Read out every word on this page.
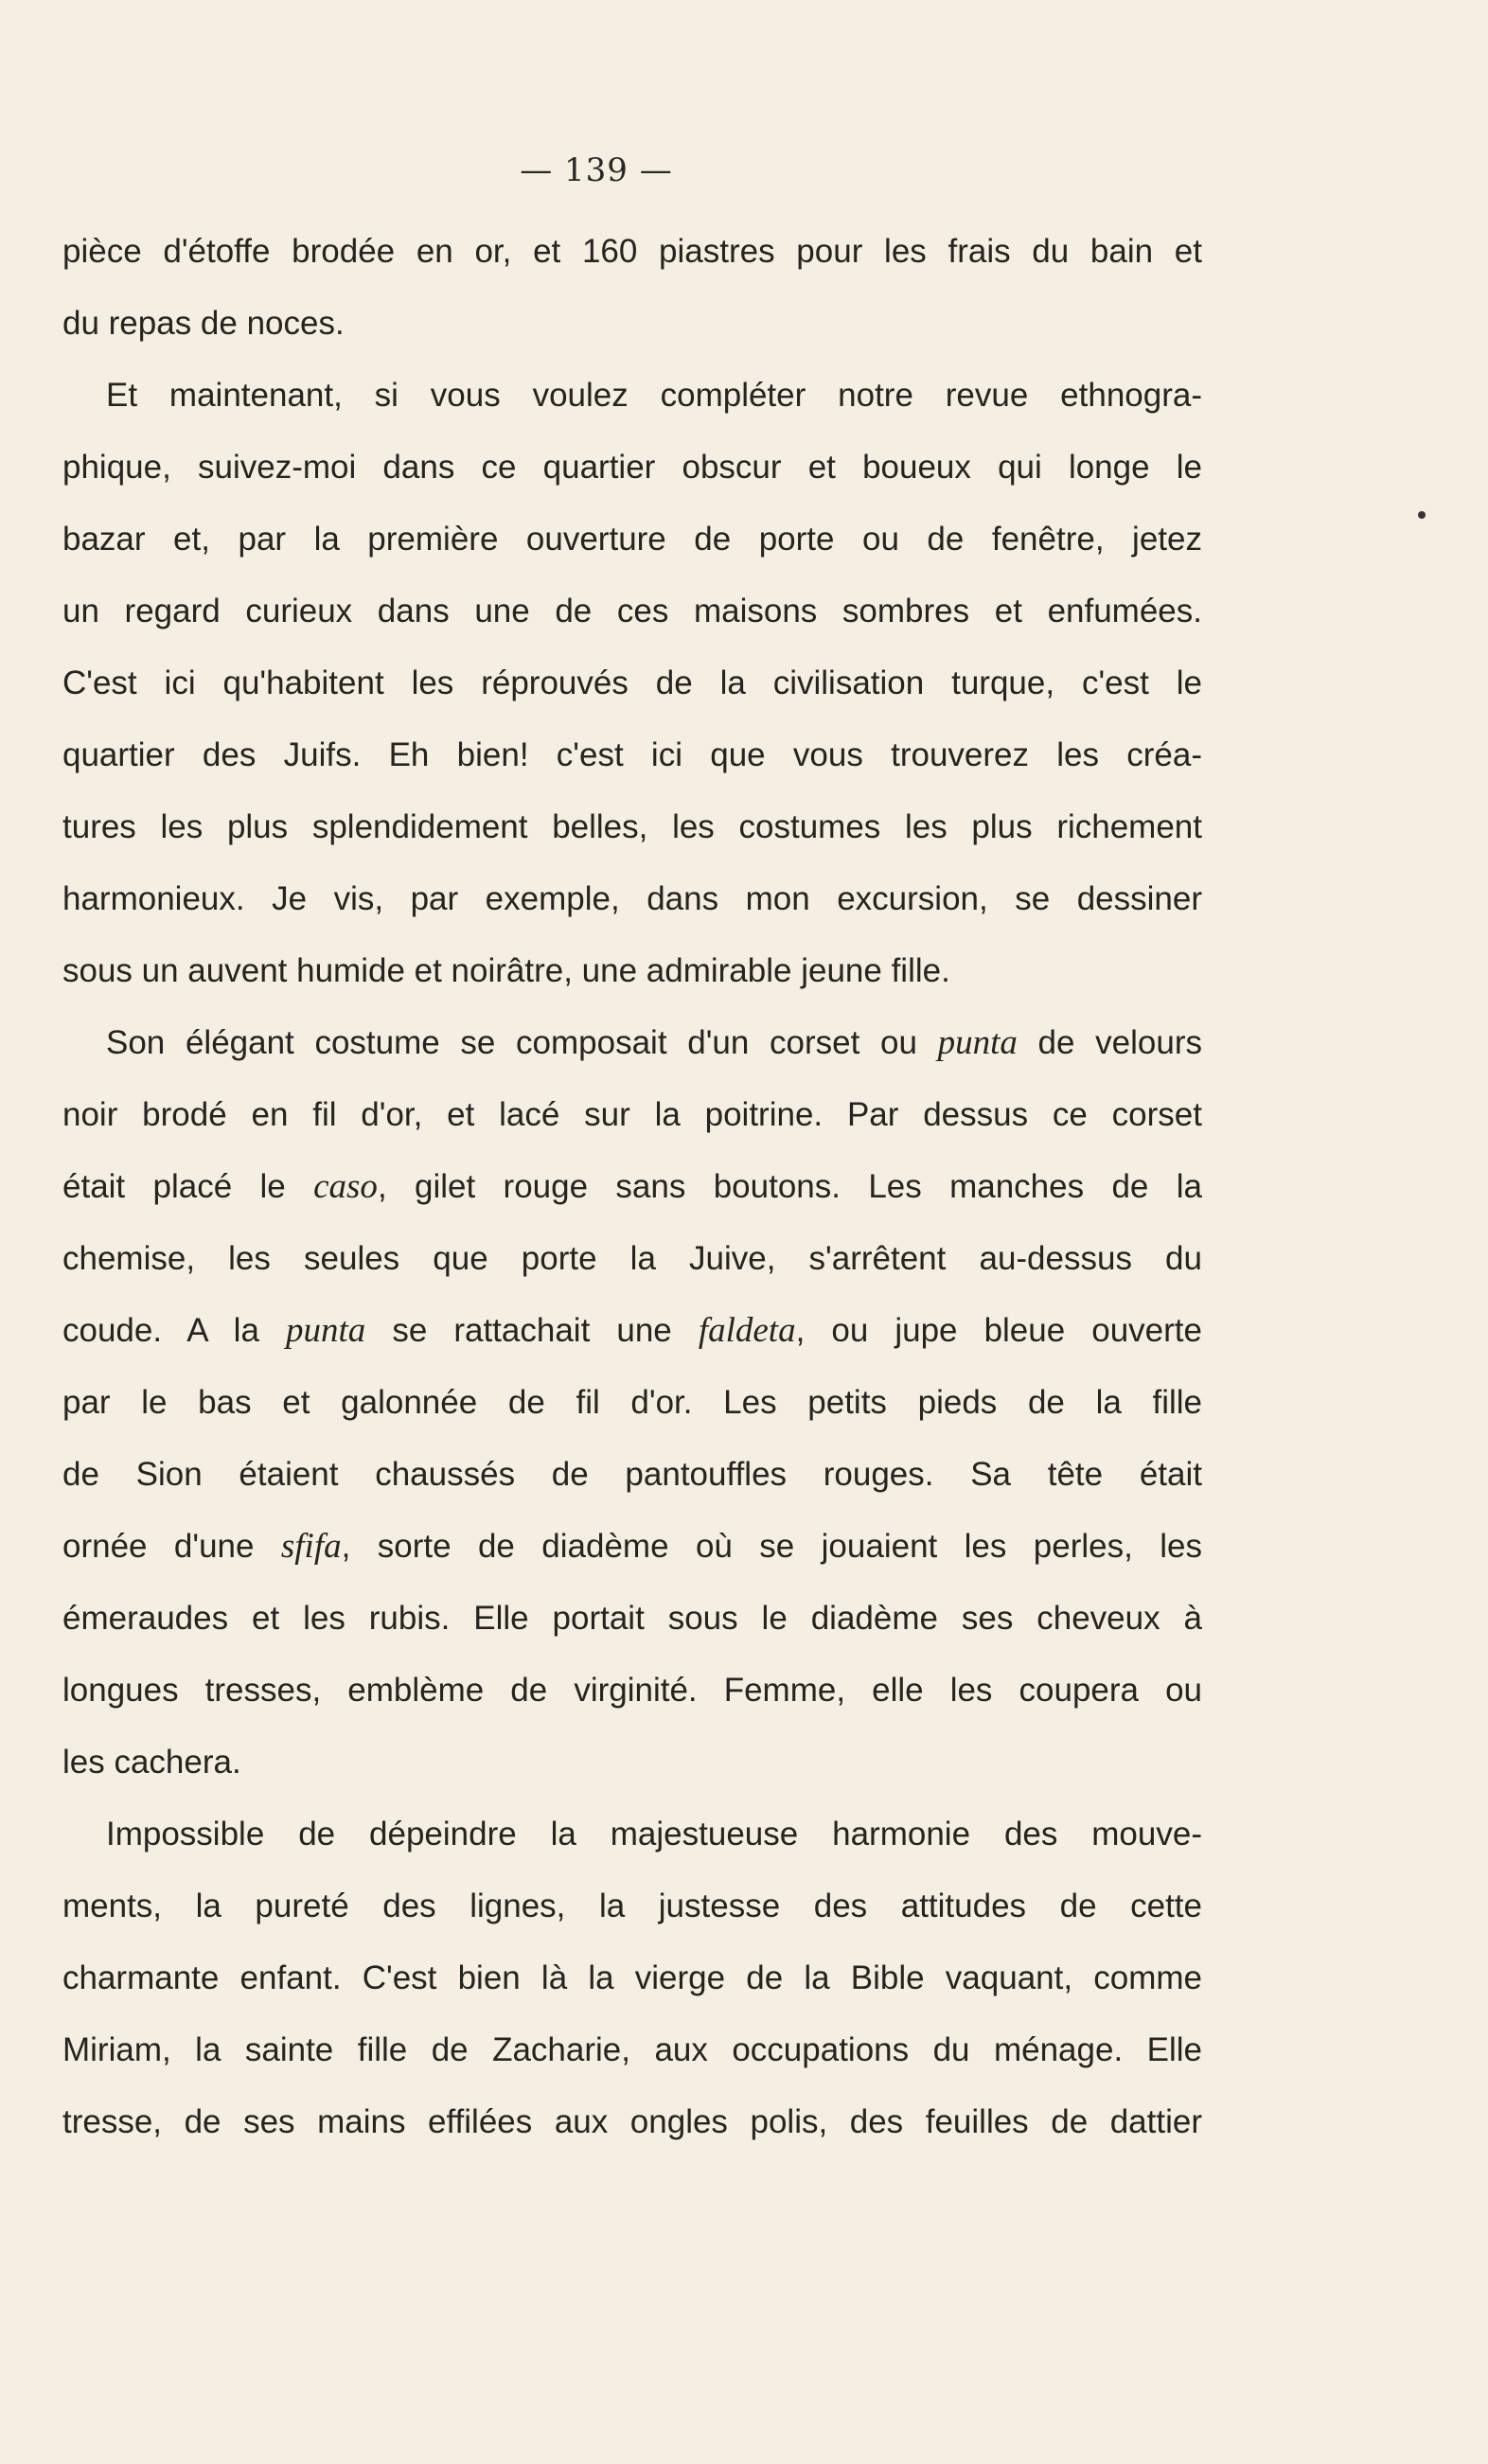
— 139 —
pièce d'étoffe brodée en or, et 160 piastres pour les frais du bain et
du repas de noces.
Et maintenant, si vous voulez compléter notre revue ethnogra-
phique, suivez-moi dans ce quartier obscur et boueux qui longe le
bazar et, par la première ouverture de porte ou de fenêtre, jetez
un regard curieux dans une de ces maisons sombres et enfumées.
C'est ici qu'habitent les réprouvés de la civilisation turque, c'est le
quartier des Juifs. Eh bien! c'est ici que vous trouverez les créa-
tures les plus splendidement belles, les costumes les plus richement
harmonieux. Je vis, par exemple, dans mon excursion, se dessiner
sous un auvent humide et noirâtre, une admirable jeune fille.
Son élégant costume se composait d'un corset ou punta de velours
noir brodé en fil d'or, et lacé sur la poitrine. Par dessus ce corset
était placé le caso, gilet rouge sans boutons. Les manches de la
chemise, les seules que porte la Juive, s'arrêtent au-dessus du
coude. A la punta se rattachait une faldeta, ou jupe bleue ouverte
par le bas et galonnée de fil d'or. Les petits pieds de la fille
de Sion étaient chaussés de pantouffles rouges. Sa tête était
ornée d'une sfifa, sorte de diadème où se jouaient les perles, les
émeraudes et les rubis. Elle portait sous le diadème ses cheveux à
longues tresses, emblème de virginité. Femme, elle les coupera ou
les cachera.
Impossible de dépeindre la majestueuse harmonie des mouve-
ments, la pureté des lignes, la justesse des attitudes de cette
charmante enfant. C'est bien là la vierge de la Bible vaquant, comme
Miriam, la sainte fille de Zacharie, aux occupations du ménage. Elle
tresse, de ses mains effilées aux ongles polis, des feuilles de dattier
